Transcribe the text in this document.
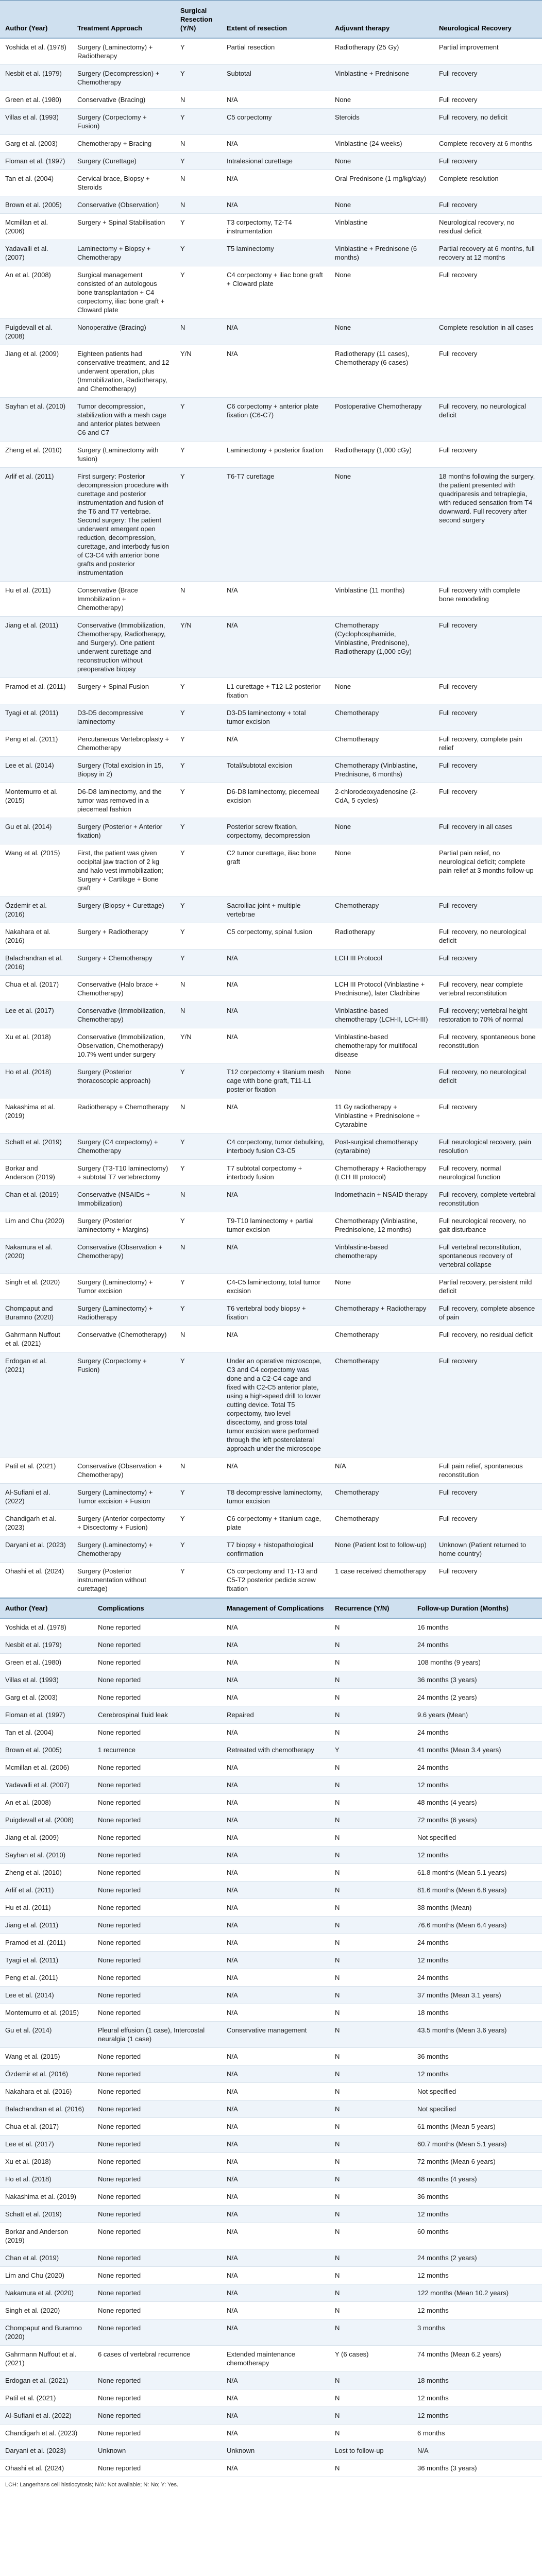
Author (Year)	Treatment Approach	Surgical Resection (Y/N)	Extent of resection	Adjuvant therapy	Neurological Recovery
Yoshida et al. (1978)	Surgery (Laminectomy) + Radiotherapy	Y	Partial resection	Radiotherapy (25 Gy)	Partial improvement
Nesbit et al. (1979)	Surgery (Decompression) + Chemotherapy	Y	Subtotal	Vinblastine + Prednisone	Full recovery
Green et al. (1980)	Conservative (Bracing)	N	N/A	None	Full recovery
Villas et al. (1993)	Surgery (Corpectomy + Fusion)	Y	C5 corpectomy	Steroids	Full recovery, no deficit
Garg et al. (2003)	Chemotherapy + Bracing	N	N/A	Vinblastine (24 weeks)	Complete recovery at 6 months
Floman et al. (1997)	Surgery (Curettage)	Y	Intralesional curettage	None	Full recovery
Tan et al. (2004)	Cervical brace, Biopsy + Steroids	N	N/A	Oral Prednisone (1 mg/kg/day)	Complete resolution
Brown et al. (2005)	Conservative (Observation)	N	N/A	None	Full recovery
Mcmillan et al. (2006)	Surgery + Spinal Stabilisation	Y	T3 corpectomy, T2-T4 instrumentation	Vinblastine	Neurological recovery, no residual deficit
Yadavalli et al. (2007)	Laminectomy + Biopsy + Chemotherapy	Y	T5 laminectomy	Vinblastine + Prednisone (6 months)	Partial recovery at 6 months, full recovery at 12 months
An et al. (2008)	Surgical management consisted of an autologous bone transplantation + C4 corpectomy, iliac bone graft + Cloward plate	Y	C4 corpectomy + iliac bone graft + Cloward plate	None	Full recovery
Puigdevall et al. (2008)	Nonoperative (Bracing)	N	N/A	None	Complete resolution in all cases
Jiang et al. (2009)	Eighteen patients had conservative treatment, and 12 underwent operation, plus (Immobilization, Radiotherapy, and Chemotherapy)	Y/N	N/A	Radiotherapy (11 cases), Chemotherapy (6 cases)	Full recovery
Sayhan et al. (2010)	Tumor decompression, stabilization with a mesh cage and anterior plates between C6 and C7	Y	C6 corpectomy + anterior plate fixation (C6-C7)	Postoperative Chemotherapy	Full recovery, no neurological deficit
Zheng et al. (2010)	Surgery (Laminectomy with fusion)	Y	Laminectomy + posterior fixation	Radiotherapy (1,000 cGy)	Full recovery
Arlif et al. (2011)	First surgery: Posterior decompression procedure with curettage and posterior instrumentation and fusion of the T6 and T7 vertebrae. Second surgery: The patient underwent emergent open reduction, decompression, curettage, and interbody fusion of C3-C4 with anterior bone grafts and posterior instrumentation	Y	T6-T7 curettage	None	18 months following the surgery, the patient presented with quadriparesis and tetraplegia, with reduced sensation from T4 downward. Full recovery after second surgery
Hu et al. (2011)	Conservative (Brace Immobilization + Chemotherapy)	N	N/A	Vinblastine (11 months)	Full recovery with complete bone remodeling
Jiang et al. (2011)	Conservative (Immobilization, Chemotherapy, Radiotherapy, and Surgery). One patient underwent curettage and reconstruction without preoperative biopsy	Y/N	N/A	Chemotherapy (Cyclophosphamide, Vinblastine, Prednisone), Radiotherapy (1,000 cGy)	Full recovery
Pramod et al. (2011)	Surgery + Spinal Fusion	Y	L1 curettage + T12-L2 posterior fixation	None	Full recovery
Tyagi et al. (2011)	D3-D5 decompressive laminectomy	Y	D3-D5 laminectomy + total tumor excision	Chemotherapy	Full recovery
Peng et al. (2011)	Percutaneous Vertebroplasty + Chemotherapy	Y	N/A	Chemotherapy	Full recovery, complete pain relief
Lee et al. (2014)	Surgery (Total excision in 15, Biopsy in 2)	Y	Total/subtotal excision	Chemotherapy (Vinblastine, Prednisone, 6 months)	Full recovery
Montemurro et al. (2015)	D6-D8 laminectomy, and the tumor was removed in a piecemeal fashion	Y	D6-D8 laminectomy, piecemeal excision	2-chlorodeoxyadenosine (2-CdA, 5 cycles)	Full recovery
Gu et al. (2014)	Surgery (Posterior + Anterior fixation)	Y	Posterior screw fixation, corpectomy, decompression	None	Full recovery in all cases
Wang et al. (2015)	First, the patient was given occipital jaw traction of 2 kg and halo vest immobilization; Surgery + Cartilage + Bone graft	Y	C2 tumor curettage, iliac bone graft	None	Partial pain relief, no neurological deficit; complete pain relief at 3 months follow-up
Özdemir et al. (2016)	Surgery (Biopsy + Curettage)	Y	Sacroiliac joint + multiple vertebrae	Chemotherapy	Full recovery
Nakahara et al. (2016)	Surgery + Radiotherapy	Y	C5 corpectomy, spinal fusion	Radiotherapy	Full recovery, no neurological deficit
Balachandran et al. (2016)	Surgery + Chemotherapy	Y	N/A	LCH III Protocol	Full recovery
Chua et al. (2017)	Conservative (Halo brace + Chemotherapy)	N	N/A	LCH III Protocol (Vinblastine + Prednisone), later Cladribine	Full recovery, near complete vertebral reconstitution
Lee et al. (2017)	Conservative (Immobilization, Chemotherapy)	N	N/A	Vinblastine-based chemotherapy (LCH-II, LCH-III)	Full recovery; vertebral height restoration to 70% of normal
Xu et al. (2018)	Conservative (Immobilization, Observation, Chemotherapy) 10.7% went under surgery	Y/N	N/A	Vinblastine-based chemotherapy for multifocal disease	Full recovery, spontaneous bone reconstitution
Ho et al. (2018)	Surgery (Posterior thoracoscopic approach)	Y	T12 corpectomy + titanium mesh cage with bone graft, T11-L1 posterior fixation	None	Full recovery, no neurological deficit
Nakashima et al. (2019)	Radiotherapy + Chemotherapy	N	N/A	11 Gy radiotherapy + Vinblastine + Prednisolone + Cytarabine	Full recovery
Schatt et al. (2019)	Surgery (C4 corpectomy) + Chemotherapy	Y	C4 corpectomy, tumor debulking, interbody fusion C3-C5	Post-surgical chemotherapy (cytarabine)	Full neurological recovery, pain resolution
Borkar and Anderson (2019)	Surgery (T3-T10 laminectomy) + subtotal T7 vertebrectomy	Y	T7 subtotal corpectomy + interbody fusion	Chemotherapy + Radiotherapy (LCH III protocol)	Full recovery, normal neurological function
Chan et al. (2019)	Conservative (NSAIDs + Immobilization)	N	N/A	Indomethacin + NSAID therapy	Full recovery, complete vertebral reconstitution
Lim and Chu (2020)	Surgery (Posterior laminectomy + Margins)	Y	T9-T10 laminectomy + partial tumor excision	Chemotherapy (Vinblastine, Prednisolone, 12 months)	Full neurological recovery, no gait disturbance
Nakamura et al. (2020)	Conservative (Observation + Chemotherapy)	N	N/A	Vinblastine-based chemotherapy	Full vertebral reconstitution, spontaneous recovery of vertebral collapse
Singh et al. (2020)	Surgery (Laminectomy) + Tumor excision	Y	C4-C5 laminectomy, total tumor excision	None	Partial recovery, persistent mild deficit
Chompaput and Buramno (2020)	Surgery (Laminectomy) + Radiotherapy	Y	T6 vertebral body biopsy + fixation	Chemotherapy + Radiotherapy	Full recovery, complete absence of pain
Gahrmann Nuffout et al. (2021)	Conservative (Chemotherapy)	N	N/A	Chemotherapy	Full recovery, no residual deficit
Erdogan et al. (2021)	Surgery (Corpectomy + Fusion)	Y	Under an operative microscope, C3 and C4 corpectomy was done and a C2-C4 cage and fixed with C2-C5 anterior plate, using a high-speed drill to lower cutting device. Total T5 corpectomy, two level discectomy, and gross total tumor excision were performed through the left posterolateral approach under the microscope	Chemotherapy	Full recovery
Patil et al. (2021)	Conservative (Observation + Chemotherapy)	N	N/A	N/A	Full pain relief, spontaneous reconstitution
Al-Sufiani et al. (2022)	Surgery (Laminectomy) + Tumor excision + Fusion	Y	T8 decompressive laminectomy, tumor excision	Chemotherapy	Full recovery
Chandigarh et al. (2023)	Surgery (Anterior corpectomy + Discectomy + Fusion)	Y	C6 corpectomy + titanium cage, plate	Chemotherapy	Full recovery
Daryani et al. (2023)	Surgery (Laminectomy) + Chemotherapy	Y	T7 biopsy + histopathological confirmation	None (Patient lost to follow-up)	Unknown (Patient returned to home country)
Ohashi et al. (2024)	Surgery (Posterior instrumentation without curettage)	Y	C5 corpectomy and T1-T3 and C5-T2 posterior pedicle screw fixation	1 case received chemotherapy	Full recovery
Author (Year)	Complications	Management of Complications	Recurrence (Y/N)	Follow-up Duration (Months)
Yoshida et al. (1978)	None reported	N/A	N	16 months
Nesbit et al. (1979)	None reported	N/A	N	24 months
Green et al. (1980)	None reported	N/A	N	108 months (9 years)
Villas et al. (1993)	None reported	N/A	N	36 months (3 years)
Garg et al. (2003)	None reported	N/A	N	24 months (2 years)
Floman et al. (1997)	Cerebrospinal fluid leak	Repaired	N	9.6 years (Mean)
Tan et al. (2004)	None reported	N/A	N	24 months
Brown et al. (2005)	1 recurrence	Retreated with chemotherapy	Y	41 months (Mean 3.4 years)
Mcmillan et al. (2006)	None reported	N/A	N	24 months
Yadavalli et al. (2007)	None reported	N/A	N	12 months
An et al. (2008)	None reported	N/A	N	48 months (4 years)
Puigdevall et al. (2008)	None reported	N/A	N	72 months (6 years)
Jiang et al. (2009)	None reported	N/A	N	Not specified
Sayhan et al. (2010)	None reported	N/A	N	12 months
Zheng et al. (2010)	None reported	N/A	N	61.8 months (Mean 5.1 years)
Arlif et al. (2011)	None reported	N/A	N	81.6 months (Mean 6.8 years)
Hu et al. (2011)	None reported	N/A	N	38 months (Mean)
Jiang et al. (2011)	None reported	N/A	N	76.6 months (Mean 6.4 years)
Pramod et al. (2011)	None reported	N/A	N	24 months
Tyagi et al. (2011)	None reported	N/A	N	12 months
Peng et al. (2011)	None reported	N/A	N	24 months
Lee et al. (2014)	None reported	N/A	N	37 months (Mean 3.1 years)
Montemurro et al. (2015)	None reported	N/A	N	18 months
Gu et al. (2014)	Pleural effusion (1 case), Intercostal neuralgia (1 case)	Conservative management	N	43.5 months (Mean 3.6 years)
Wang et al. (2015)	None reported	N/A	N	36 months
Özdemir et al. (2016)	None reported	N/A	N	12 months
Nakahara et al. (2016)	None reported	N/A	N	Not specified
Balachandran et al. (2016)	None reported	N/A	N	Not specified
Chua et al. (2017)	None reported	N/A	N	61 months (Mean 5 years)
Lee et al. (2017)	None reported	N/A	N	60.7 months (Mean 5.1 years)
Xu et al. (2018)	None reported	N/A	N	72 months (Mean 6 years)
Ho et al. (2018)	None reported	N/A	N	48 months (4 years)
Nakashima et al. (2019)	None reported	N/A	N	36 months
Schatt et al. (2019)	None reported	N/A	N	12 months
Borkar and Anderson (2019)	None reported	N/A	N	60 months
Chan et al. (2019)	None reported	N/A	N	24 months (2 years)
Lim and Chu (2020)	None reported	N/A	N	12 months
Nakamura et al. (2020)	None reported	N/A	N	122 months (Mean 10.2 years)
Singh et al. (2020)	None reported	N/A	N	12 months
Chompaput and Buramno (2020)	None reported	N/A	N	3 months
Gahrmann Nuffout et al. (2021)	6 cases of vertebral recurrence	Extended maintenance chemotherapy	Y (6 cases)	74 months (Mean 6.2 years)
Erdogan et al. (2021)	None reported	N/A	N	18 months
Patil et al. (2021)	None reported	N/A	N	12 months
Al-Sufiani et al. (2022)	None reported	N/A	N	12 months
Chandigarh et al. (2023)	None reported	N/A	N	6 months
Daryani et al. (2023)	Unknown	Unknown	Lost to follow-up	N/A
Ohashi et al. (2024)	None reported	N/A	N	36 months (3 years)
LCH: Langerhans cell histiocytosis; N/A: Not available; N: No; Y: Yes.
